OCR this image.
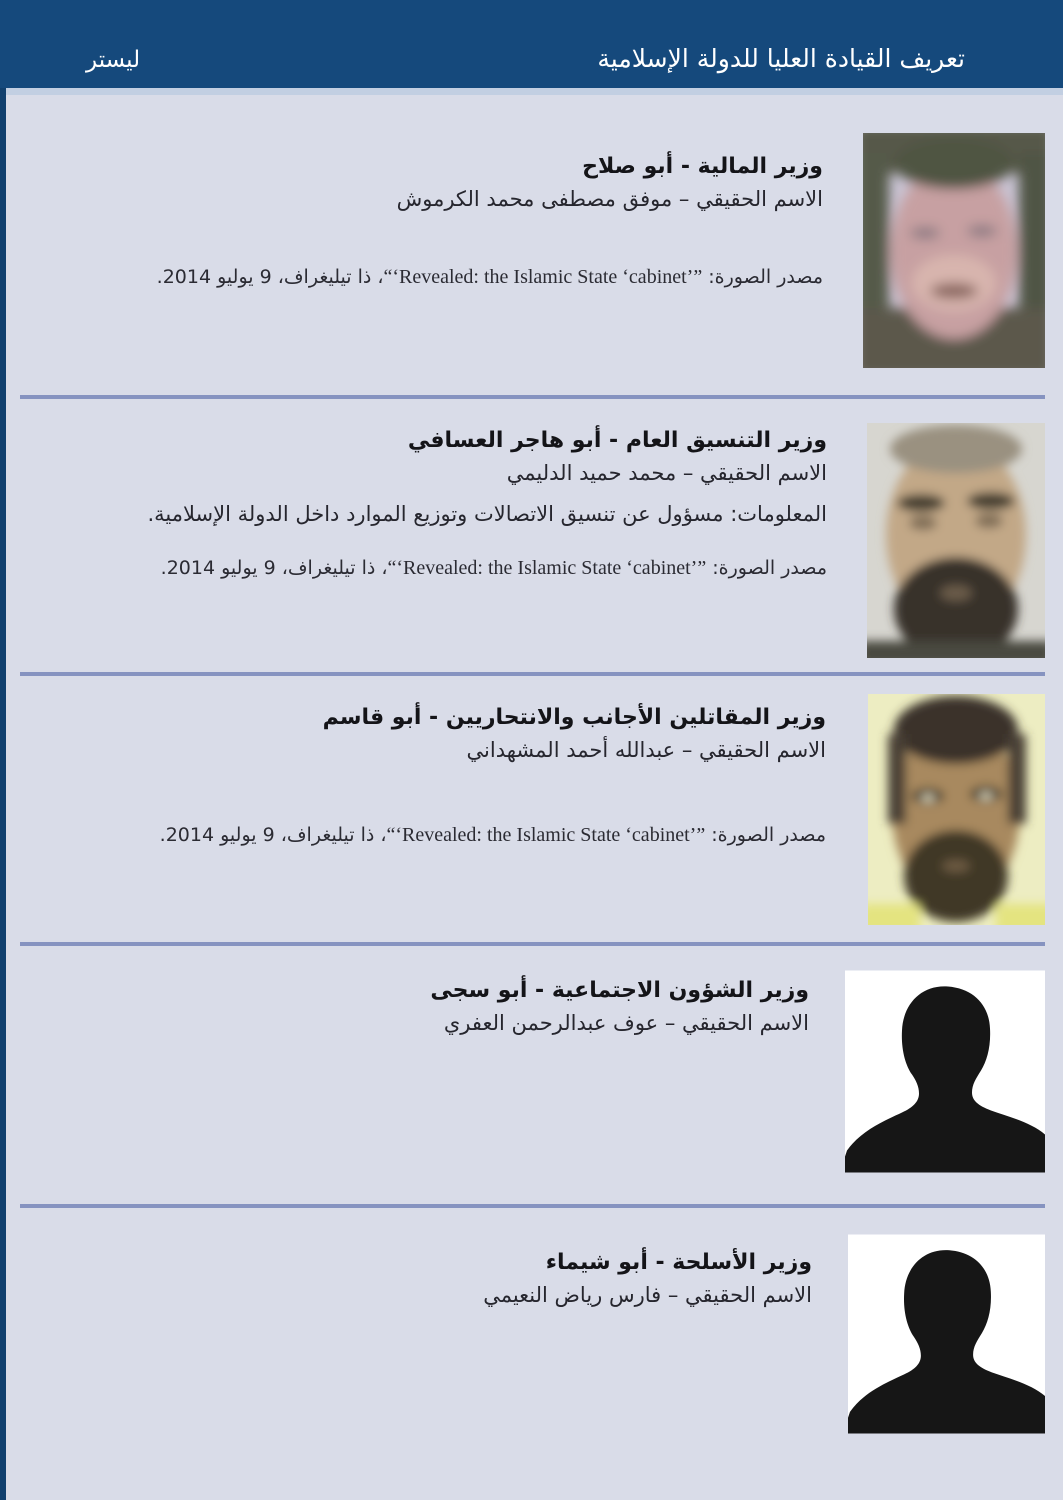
ليستر	تعريف القيادة العليا للدولة الإسلامية

وزير المالية - أبو صلاح

الاسم الحقيقي – موفق مصطفى محمد الكرموش

مصدر الصورة: “‘Revealed: the Islamic State ‘cabinet’”، ذا تيليغراف، 9 يوليو 2014.

وزير التنسيق العام - أبو هاجر العسافي

الاسم الحقيقي – محمد حميد الدليمي

المعلومات: مسؤول عن تنسيق الاتصالات وتوزيع الموارد داخل الدولة الإسلامية.

مصدر الصورة: “‘Revealed: the Islamic State ‘cabinet’”، ذا تيليغراف، 9 يوليو 2014.

وزير المقاتلين الأجانب والانتحاريين - أبو قاسم

الاسم الحقيقي – عبدالله أحمد المشهداني

مصدر الصورة: “‘Revealed: the Islamic State ‘cabinet’”، ذا تيليغراف، 9 يوليو 2014.

وزير الشؤون الاجتماعية - أبو سجى

الاسم الحقيقي – عوف عبدالرحمن العفري

وزير الأسلحة - أبو شيماء

الاسم الحقيقي – فارس رياض النعيمي
